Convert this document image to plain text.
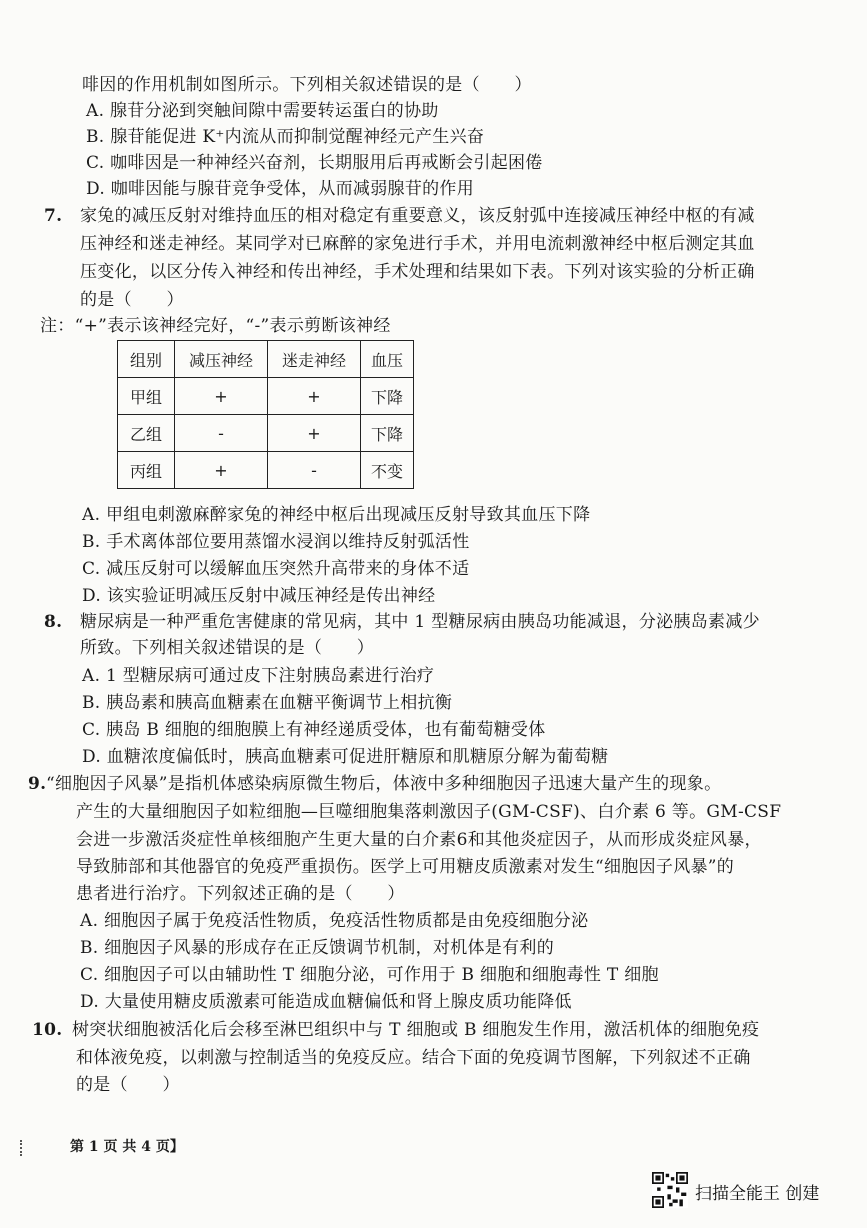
啡因的作用机制如图所示。下列相关叙述错误的是（　　）
A. 腺苷分泌到突触间隙中需要转运蛋白的协助
B. 腺苷能促进 K⁺内流从而抑制觉醒神经元产生兴奋
C. 咖啡因是一种神经兴奋剂，长期服用后再戒断会引起困倦
D. 咖啡因能与腺苷竞争受体，从而减弱腺苷的作用
7. 家兔的减压反射对维持血压的相对稳定有重要意义，该反射弧中连接减压神经中枢的有减
压神经和迷走神经。某同学对已麻醉的家兔进行手术，并用电流刺激神经中枢后测定其血
压变化，以区分传入神经和传出神经，手术处理和结果如下表。下列对该实验的分析正确
的是（　　）
注：“+”表示该神经完好，“-”表示剪断该神经
组别	减压神经	迷走神经	血压
甲组	+	+	下降
乙组	-	+	下降
丙组	+	-	不变
A. 甲组电刺激麻醉家兔的神经中枢后出现减压反射导致其血压下降
B. 手术离体部位要用蒸馏水浸润以维持反射弧活性
C. 减压反射可以缓解血压突然升高带来的身体不适
D. 该实验证明减压反射中减压神经是传出神经
8. 糖尿病是一种严重危害健康的常见病，其中 1 型糖尿病由胰岛功能减退，分泌胰岛素减少
所致。下列相关叙述错误的是（　　）
A. 1 型糖尿病可通过皮下注射胰岛素进行治疗
B. 胰岛素和胰高血糖素在血糖平衡调节上相抗衡
C. 胰岛 B 细胞的细胞膜上有神经递质受体，也有葡萄糖受体
D. 血糖浓度偏低时，胰高血糖素可促进肝糖原和肌糖原分解为葡萄糖
9. “细胞因子风暴”是指机体感染病原微生物后，体液中多种细胞因子迅速大量产生的现象。
产生的大量细胞因子如粒细胞—巨噬细胞集落刺激因子(GM-CSF)、白介素 6 等。GM-CSF
会进一步激活炎症性单核细胞产生更大量的白介素6和其他炎症因子，从而形成炎症风暴，
导致肺部和其他器官的免疫严重损伤。医学上可用糖皮质激素对发生“细胞因子风暴”的
患者进行治疗。下列叙述正确的是（　　）
A. 细胞因子属于免疫活性物质，免疫活性物质都是由免疫细胞分泌
B. 细胞因子风暴的形成存在正反馈调节机制，对机体是有利的
C. 细胞因子可以由辅助性 T 细胞分泌，可作用于 B 细胞和细胞毒性 T 细胞
D. 大量使用糖皮质激素可能造成血糖偏低和肾上腺皮质功能降低
10. 树突状细胞被活化后会移至淋巴组织中与 T 细胞或 B 细胞发生作用，激活机体的细胞免疫
和体液免疫，以刺激与控制适当的免疫反应。结合下面的免疫调节图解，下列叙述不正确
的是（　　）
第 1 页 共 4 页】
扫描全能王 创建
